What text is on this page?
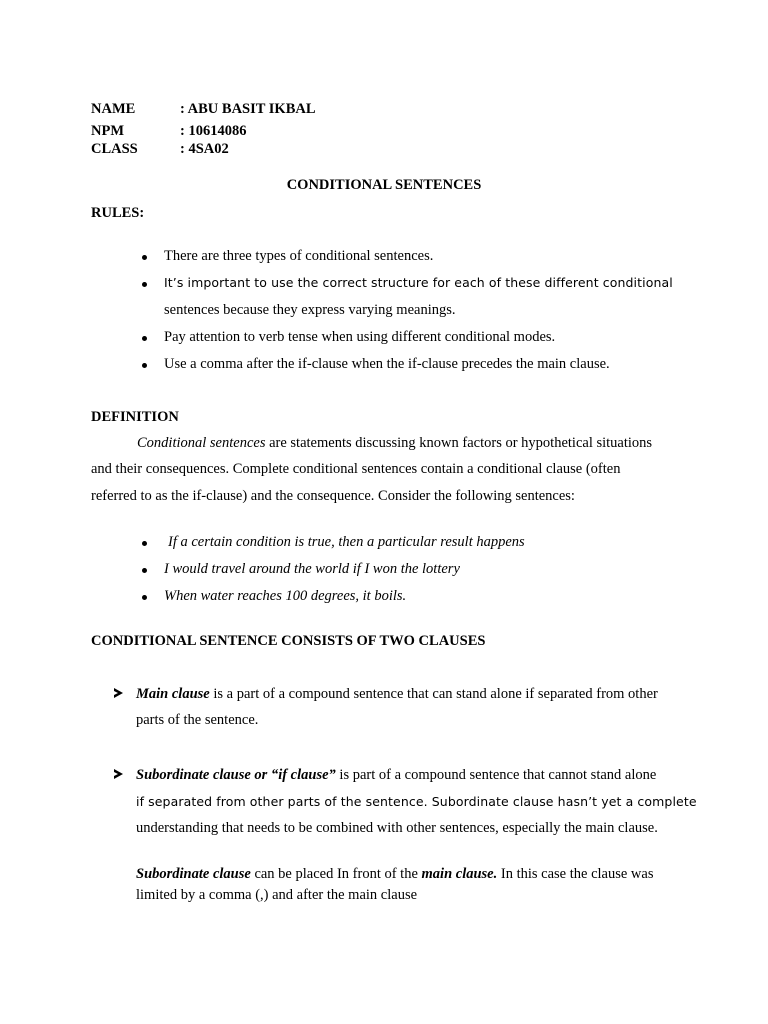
NAME	: ABU BASIT IKBAL
NPM	: 10614086
CLASS	: 4SA02
CONDITIONAL SENTENCES
RULES:
There are three types of conditional sentences.
It’s important to use the correct structure for each of these different conditional
sentences because they express varying meanings.
Pay attention to verb tense when using different conditional modes.
Use a comma after the if-clause when the if-clause precedes the main clause.
DEFINITION
Conditional sentences are statements discussing known factors or hypothetical situations
and their consequences. Complete conditional sentences contain a conditional clause (often
referred to as the if-clause) and the consequence. Consider the following sentences:
If a certain condition is true, then a particular result happens
I would travel around the world if I won the lottery
When water reaches 100 degrees, it boils.
CONDITIONAL SENTENCE CONSISTS OF TWO CLAUSES
Main clause is a part of a compound sentence that can stand alone if separated from other
parts of the sentence.
Subordinate clause or “if clause” is part of a compound sentence that cannot stand alone
if separated from other parts of the sentence. Subordinate clause hasn’t yet a complete
understanding that needs to be combined with other sentences, especially the main clause.
Subordinate clause can be placed In front of the main clause. In this case the clause was
limited by a comma (,) and after the main clause
